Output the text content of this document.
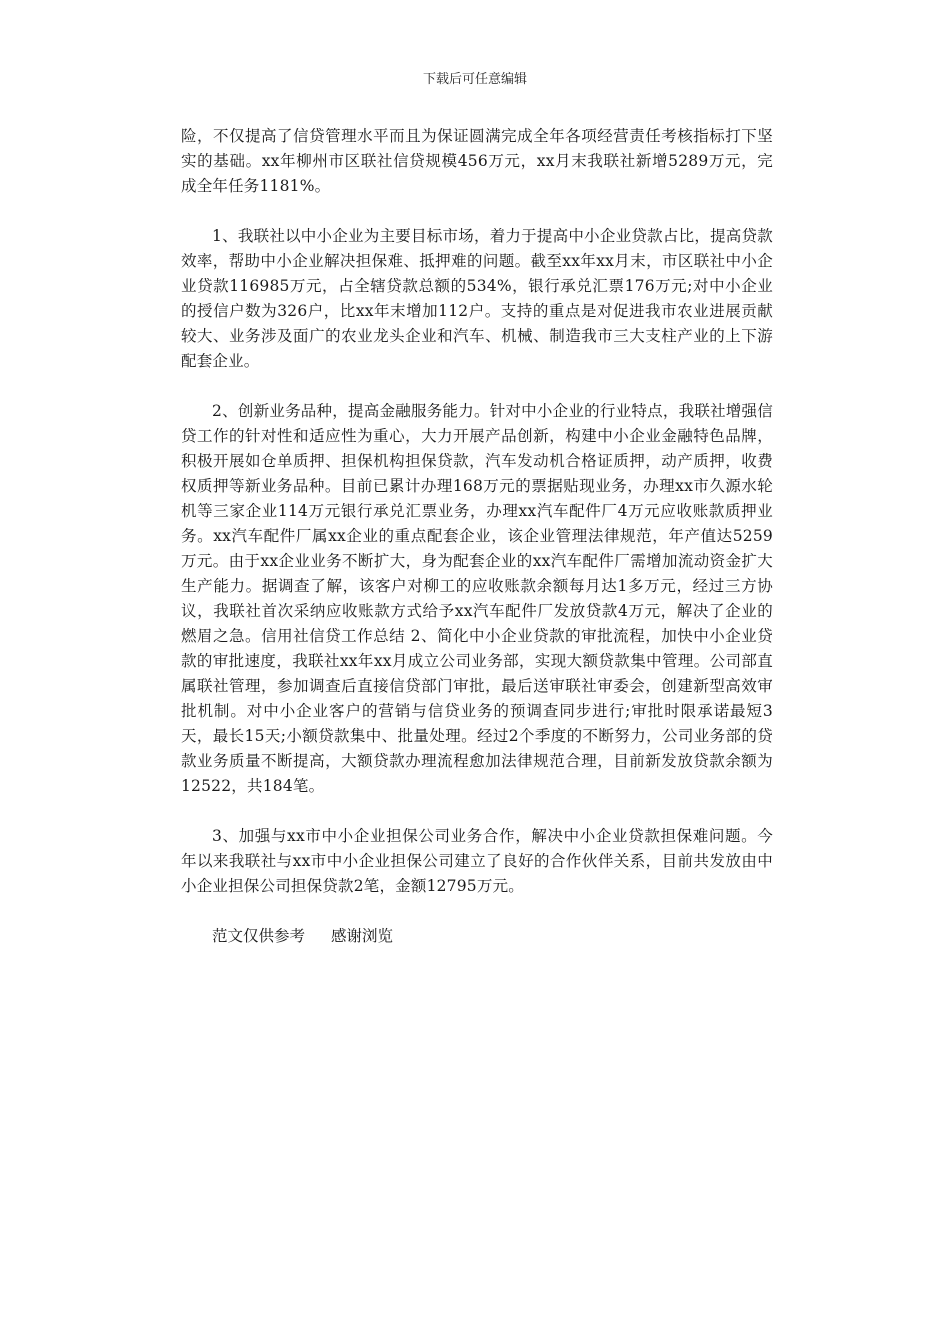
下载后可任意编辑

险，不仅提高了信贷管理水平而且为保证圆满完成全年各项经营责任考核指标打下坚实的基础。xx年柳州市区联社信贷规模456万元，xx月末我联社新增5289万元，完成全年任务1181%。

1、我联社以中小企业为主要目标市场，着力于提高中小企业贷款占比，提高贷款效率，帮助中小企业解决担保难、抵押难的问题。截至xx年xx月末，市区联社中小企业贷款116985万元，占全辖贷款总额的534%，银行承兑汇票176万元;对中小企业的授信户数为326户，比xx年末增加112户。支持的重点是对促进我市农业进展贡献较大、业务涉及面广的农业龙头企业和汽车、机械、制造我市三大支柱产业的上下游配套企业。

2、创新业务品种，提高金融服务能力。针对中小企业的行业特点，我联社增强信贷工作的针对性和适应性为重心，大力开展产品创新，构建中小企业金融特色品牌，积极开展如仓单质押、担保机构担保贷款，汽车发动机合格证质押，动产质押，收费权质押等新业务品种。目前已累计办理168万元的票据贴现业务，办理xx市久源水轮机等三家企业114万元银行承兑汇票业务，办理xx汽车配件厂4万元应收账款质押业务。xx汽车配件厂属xx企业的重点配套企业，该企业管理法律规范，年产值达5259万元。由于xx企业业务不断扩大，身为配套企业的xx汽车配件厂需增加流动资金扩大生产能力。据调查了解，该客户对柳工的应收账款余额每月达1多万元，经过三方协议，我联社首次采纳应收账款方式给予xx汽车配件厂发放贷款4万元，解决了企业的燃眉之急。信用社信贷工作总结 2、简化中小企业贷款的审批流程，加快中小企业贷款的审批速度，我联社xx年xx月成立公司业务部，实现大额贷款集中管理。公司部直属联社管理，参加调查后直接信贷部门审批，最后送审联社审委会，创建新型高效审批机制。对中小企业客户的营销与信贷业务的预调查同步进行;审批时限承诺最短3天，最长15天;小额贷款集中、批量处理。经过2个季度的不断努力，公司业务部的贷款业务质量不断提高，大额贷款办理流程愈加法律规范合理，目前新发放贷款余额为12522，共184笔。

3、加强与xx市中小企业担保公司业务合作，解决中小企业贷款担保难问题。今年以来我联社与xx市中小企业担保公司建立了良好的合作伙伴关系，目前共发放由中小企业担保公司担保贷款2笔，金额12795万元。

范文仅供参考 感谢浏览
